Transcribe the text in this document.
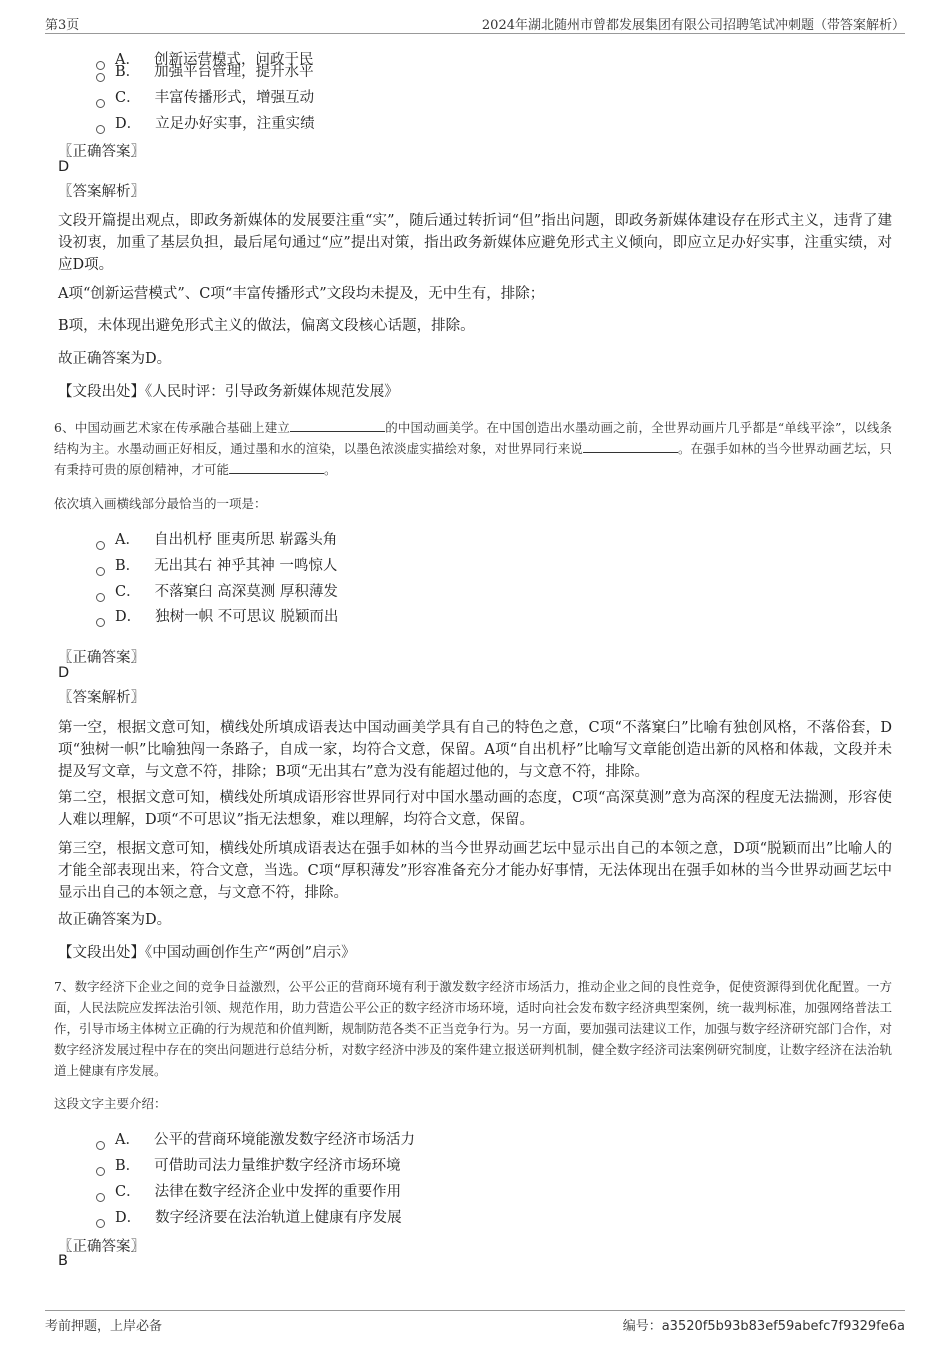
第3页	2024年湖北随州市曾都发展集团有限公司招聘笔试冲刺题（带答案解析）
A． 创新运营模式，问政于民
B． 加强平台管理，提升水平
C． 丰富传播形式，增强互动
D． 立足办好实事，注重实绩
〖正确答案〗
D
〖答案解析〗
文段开篇提出观点，即政务新媒体的发展要注重“实”，随后通过转折词“但”指出问题，即政务新媒体建设存在形式主义，违背了建设初衷，加重了基层负担，最后尾句通过“应”提出对策，指出政务新媒体应避免形式主义倾向，即应立足办好实事，注重实绩，对应D项。
A项“创新运营模式”、C项“丰富传播形式”文段均未提及，无中生有，排除；
B项，未体现出避免形式主义的做法，偏离文段核心话题，排除。
故正确答案为D。
【文段出处】《人民时评：引导政务新媒体规范发展》
6、中国动画艺术家在传承融合基础上建立	的中国动画美学。在中国创造出水墨动画之前，全世界动画片几乎都是“单线平涂”，以线条结构为主。水墨动画正好相反，通过墨和水的渲染，以墨色浓淡虚实描绘对象，对世界同行来说	。在强手如林的当今世界动画艺坛，只有秉持可贵的原创精神，才可能	。
依次填入画横线部分最恰当的一项是：
A． 自出机杼 匪夷所思 崭露头角
B． 无出其右 神乎其神 一鸣惊人
C． 不落窠臼 高深莫测 厚积薄发
D． 独树一帜 不可思议 脱颖而出
〖正确答案〗
D
〖答案解析〗
第一空，根据文意可知，横线处所填成语表达中国动画美学具有自己的特色之意，C项“不落窠臼”比喻有独创风格，不落俗套，D项“独树一帜”比喻独闯一条路子，自成一家，均符合文意，保留。A项“自出机杼”比喻写文章能创造出新的风格和体裁，文段并未提及写文章，与文意不符，排除；B项“无出其右”意为没有能超过他的，与文意不符，排除。
第二空，根据文意可知，横线处所填成语形容世界同行对中国水墨动画的态度，C项“高深莫测”意为高深的程度无法揣测，形容使人难以理解，D项“不可思议”指无法想象，难以理解，均符合文意，保留。
第三空，根据文意可知，横线处所填成语表达在强手如林的当今世界动画艺坛中显示出自己的本领之意，D项“脱颖而出”比喻人的才能全部表现出来，符合文意，当选。C项“厚积薄发”形容准备充分才能办好事情，无法体现出在强手如林的当今世界动画艺坛中显示出自己的本领之意，与文意不符，排除。
故正确答案为D。
【文段出处】《中国动画创作生产“两创”启示》
7、数字经济下企业之间的竞争日益激烈，公平公正的营商环境有利于激发数字经济市场活力，推动企业之间的良性竞争，促使资源得到优化配置。一方面，人民法院应发挥法治引领、规范作用，助力营造公平公正的数字经济市场环境，适时向社会发布数字经济典型案例，统一裁判标准，加强网络普法工作，引导市场主体树立正确的行为规范和价值判断，规制防范各类不正当竞争行为。另一方面，要加强司法建议工作，加强与数字经济研究部门合作，对数字经济发展过程中存在的突出问题进行总结分析，对数字经济中涉及的案件建立报送研判机制，健全数字经济司法案例研究制度，让数字经济在法治轨道上健康有序发展。
这段文字主要介绍：
A． 公平的营商环境能激发数字经济市场活力
B． 可借助司法力量维护数字经济市场环境
C． 法律在数字经济企业中发挥的重要作用
D． 数字经济要在法治轨道上健康有序发展
〖正确答案〗
B
考前押题，上岸必备	编号：a3520f5b93b83ef59abefc7f9329fe6a
